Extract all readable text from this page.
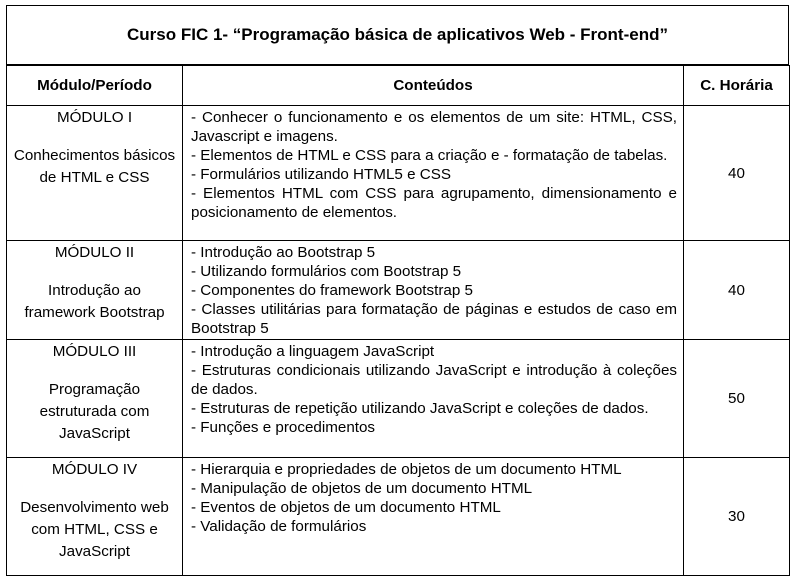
Curso FIC 1- “Programação básica de aplicativos Web - Front-end”
Módulo/Período	Conteúdos	C. Horária

MÓDULO I
Conhecimentos básicos de HTML e CSS	- Conhecer o funcionamento e os elementos de um site: HTML, CSS, Javascript e imagens.
- Elementos de HTML e CSS para a criação e - formatação de tabelas.
- Formulários utilizando HTML5 e CSS
- Elementos HTML com CSS para agrupamento, dimensionamento e posicionamento de elementos.	40

MÓDULO II
Introdução ao framework Bootstrap	- Introdução ao Bootstrap 5
- Utilizando formulários com Bootstrap 5
- Componentes do framework Bootstrap 5
- Classes utilitárias para formatação de páginas e estudos de caso em Bootstrap 5	40

MÓDULO III
Programação estruturada com JavaScript	- Introdução a linguagem JavaScript
- Estruturas condicionais utilizando JavaScript e introdução à coleções de dados.
- Estruturas de repetição utilizando JavaScript e coleções de dados.
- Funções e procedimentos	50

MÓDULO IV
Desenvolvimento web com HTML, CSS e JavaScript	- Hierarquia e propriedades de objetos de um documento HTML
- Manipulação de objetos de um documento HTML
- Eventos de objetos de um documento HTML
- Validação de formulários	30
